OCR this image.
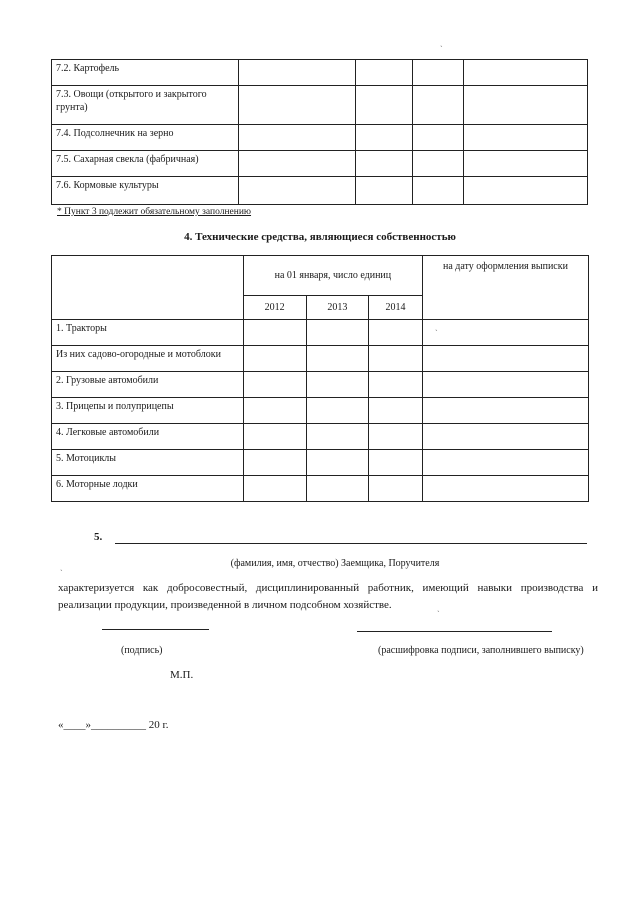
7.2. Картофель				
7.3. Овощи (открытого и закрытого грунта)				
7.4. Подсолнечник на зерно				
7.5. Сахарная свекла (фабричная)				
7.6. Кормовые культуры				
* Пункт 3 подлежит обязательному заполнению
4. Технические средства, являющиеся собственностью
	на 01 января, число единиц			на дату оформления выписки
	2012	2013	2014	
1. Тракторы				
Из них садово-огородные и мотоблоки				
2. Грузовые автомобили				
3. Прицепы и полуприцепы				
4. Легковые автомобили				
5. Мотоциклы				
6. Моторные лодки				
5.
(фамилия, имя, отчество) Заемщика, Поручителя
характеризуется как добросовестный, дисциплинированный работник, имеющий навыки производства и реализации продукции, произведенной в личном подсобном хозяйстве.
(подпись)	(расшифровка подписи, заполнившего выписку)
М.П.
«____»__________ 20 г.
ˎ
ˎ
ˎ
ˎ
